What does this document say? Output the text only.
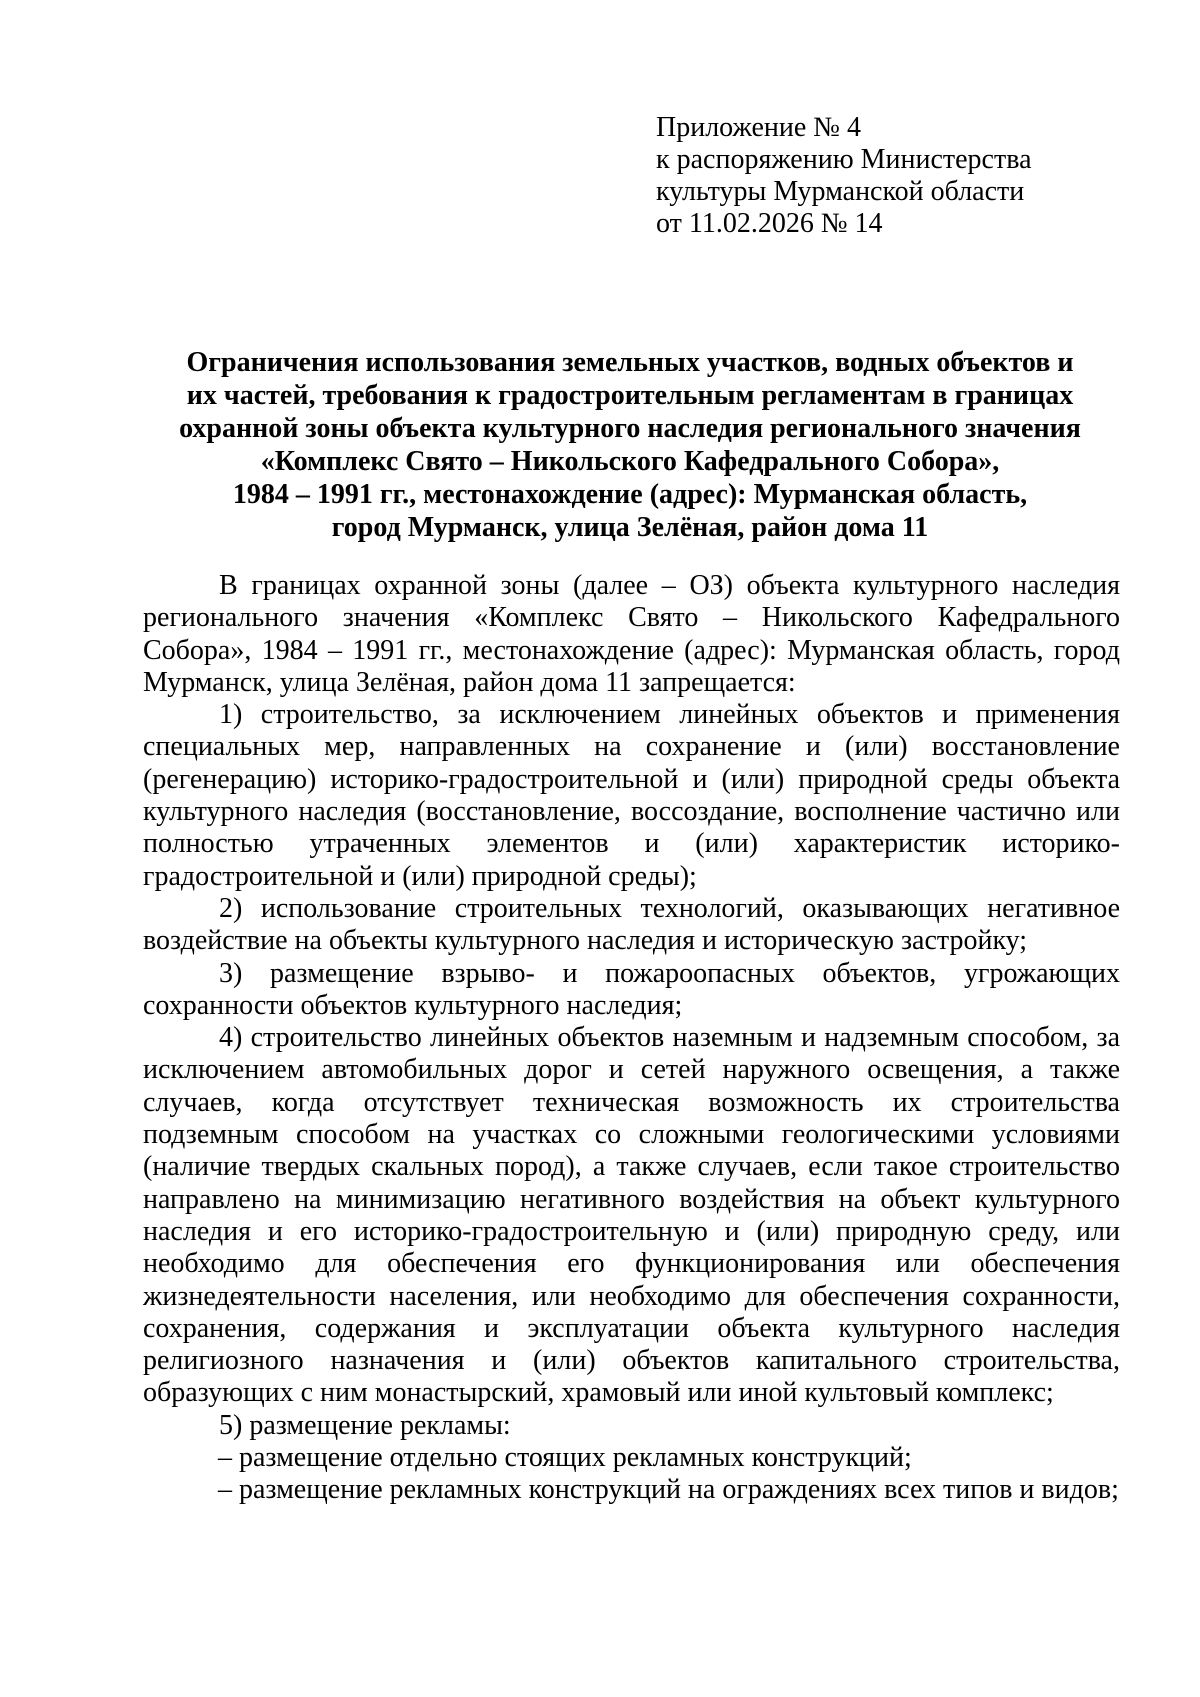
Приложение № 4
к распоряжению Министерства
культуры Мурманской области
от 11.02.2026 № 14
Ограничения использования земельных участков, водных объектов и
их частей, требования к градостроительным регламентам в границах
охранной зоны объекта культурного наследия регионального значения
«Комплекс Свято – Никольского Кафедрального Собора»,
1984 – 1991 гг., местонахождение (адрес): Мурманская область,
город Мурманск, улица Зелёная, район дома 11

В границах охранной зоны (далее – ОЗ) объекта культурного наследия регионального значения «Комплекс Свято – Никольского Кафедрального Собора», 1984 – 1991 гг., местонахождение (адрес): Мурманская область, город Мурманск, улица Зелёная, район дома 11 запрещается:

1) строительство, за исключением линейных объектов и применения специальных мер, направленных на сохранение и (или) восстановление (регенерацию) историко-градостроительной и (или) природной среды объекта культурного наследия (восстановление, воссоздание, восполнение частично или полностью утраченных элементов и (или) характеристик историко-градостроительной и (или) природной среды);

2) использование строительных технологий, оказывающих негативное воздействие на объекты культурного наследия и историческую застройку;

3) размещение взрыво- и пожароопасных объектов, угрожающих сохранности объектов культурного наследия;

4) строительство линейных объектов наземным и надземным способом, за исключением автомобильных дорог и сетей наружного освещения, а также случаев, когда отсутствует техническая возможность их строительства подземным способом на участках со сложными геологическими условиями (наличие твердых скальных пород), а также случаев, если такое строительство направлено на минимизацию негативного воздействия на объект культурного наследия и его историко-градостроительную и (или) природную среду, или необходимо для обеспечения его функционирования или обеспечения жизнедеятельности населения, или необходимо для обеспечения сохранности, сохранения, содержания и эксплуатации объекта культурного наследия религиозного назначения и (или) объектов капитального строительства, образующих с ним монастырский, храмовый или иной культовый комплекс;

5) размещение рекламы:

– размещение отдельно стоящих рекламных конструкций;

– размещение рекламных конструкций на ограждениях всех типов и видов;
